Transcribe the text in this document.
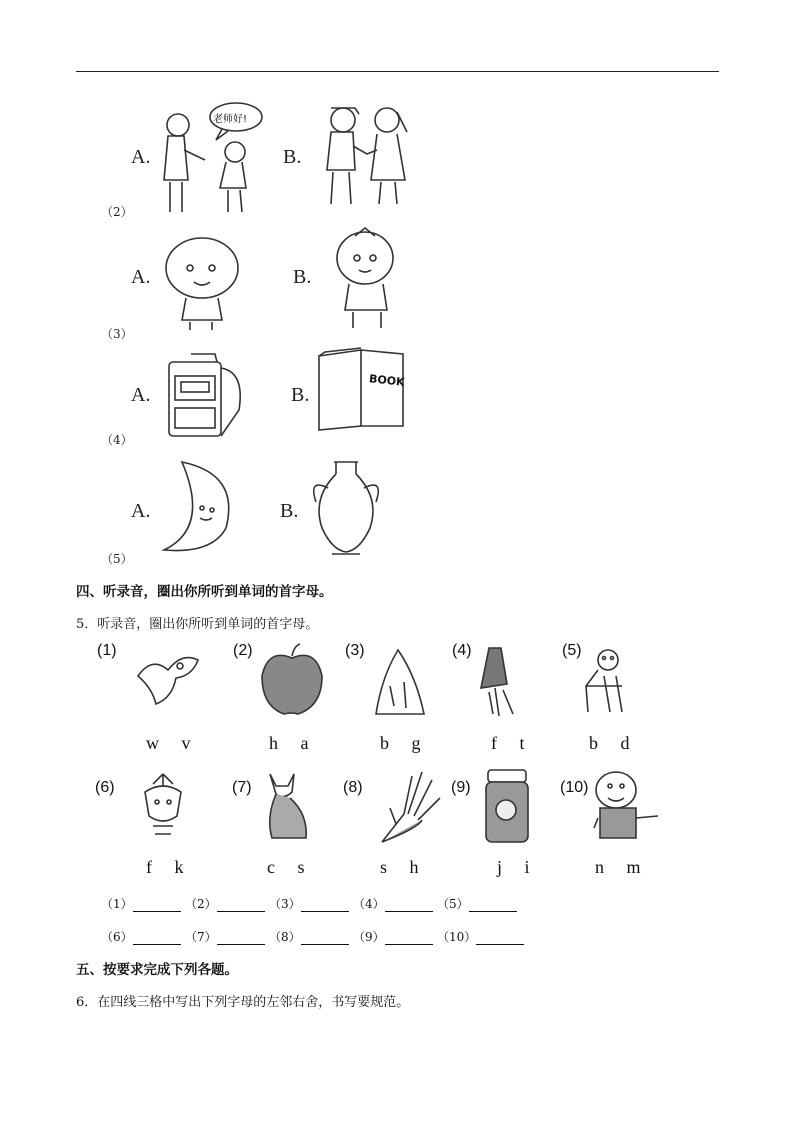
A.
老师好!
B.
（2）
A.	B.
（3）
A.	B.
BOOK
（4）
A.	B.
（5）
四、听录音，圈出你所听到单词的首字母。
5．听录音，圈出你所听到单词的首字母。
(1)
w v
(2)
h a
(3)
b g
(4)
f t
(5)
b d
(6)
f k
(7)
c s
(8)
s h
(9)
j i
(10)
n m
（1）	（2）	（3）	（4）	（5）
（6）	（7）	（8）	（9）	（10）
五、按要求完成下列各题。
6．在四线三格中写出下列字母的左邻右舍，书写要规范。
